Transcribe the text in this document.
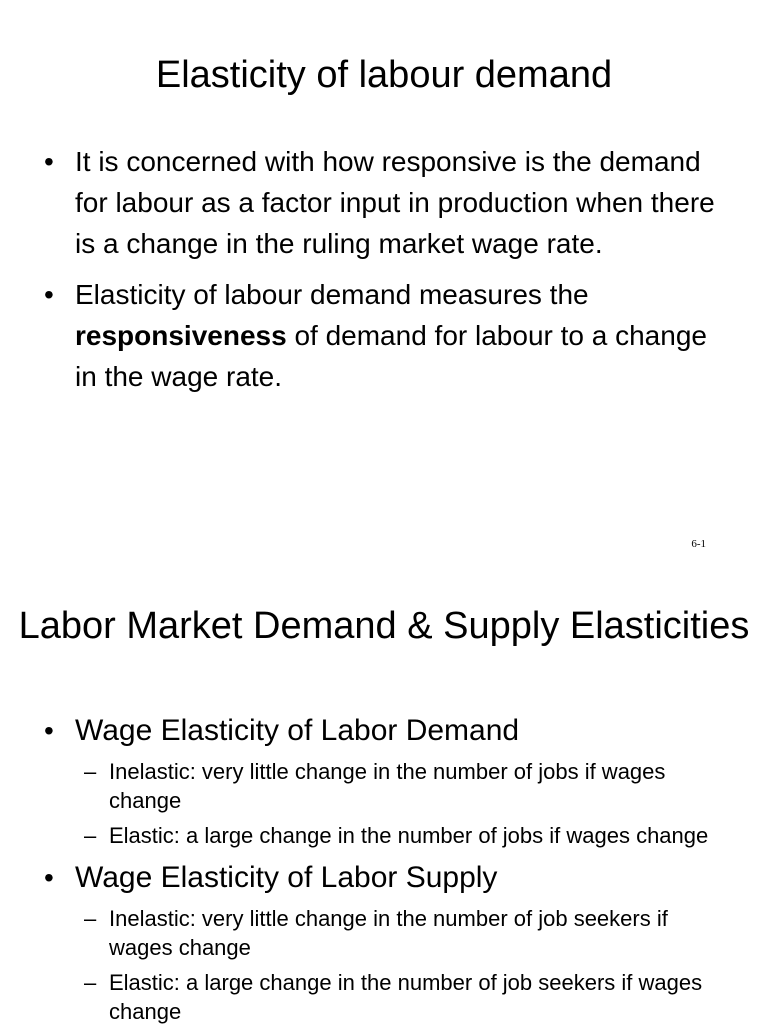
Elasticity of labour demand
• It is concerned with how responsive is the demand for labour as a factor input in production when there is a change in the ruling market wage rate.
• Elasticity of labour demand measures the responsiveness of demand for labour to a change in the wage rate.
6-1
Labor Market Demand & Supply Elasticities
• Wage Elasticity of Labor Demand
– Inelastic: very little change in the number of jobs if wages change
– Elastic: a large change in the number of jobs if wages change
• Wage Elasticity of Labor Supply
– Inelastic: very little change in the number of job seekers if wages change
– Elastic: a large change in the number of job seekers if wages change
